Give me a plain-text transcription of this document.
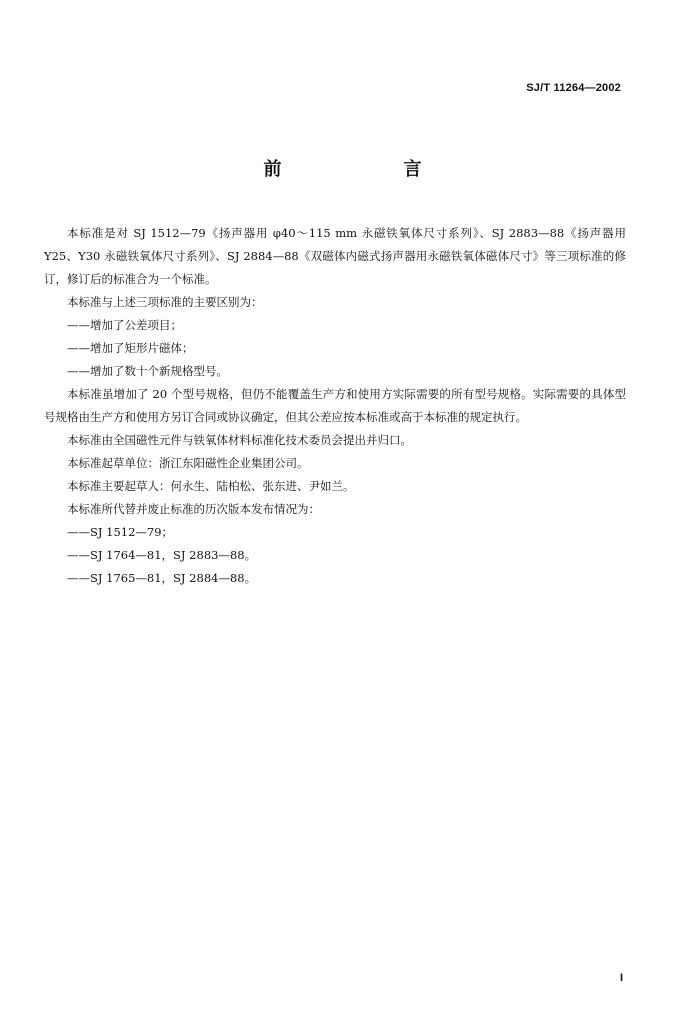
SJ/T 11264—2002
前　言

本标准是对 SJ 1512—79《扬声器用 φ40～115 mm 永磁铁氧体尺寸系列》、SJ 2883—88《扬声器用 Y25、Y30 永磁铁氧体尺寸系列》、SJ 2884—88《双磁体内磁式扬声器用永磁铁氧体磁体尺寸》等三项标准的修订，修订后的标准合为一个标准。

本标准与上述三项标准的主要区别为：

——增加了公差项目；

——增加了矩形片磁体；

——增加了数十个新规格型号。

本标准虽增加了 20 个型号规格，但仍不能覆盖生产方和使用方实际需要的所有型号规格。实际需要的具体型号规格由生产方和使用方另订合同或协议确定，但其公差应按本标准或高于本标准的规定执行。

本标准由全国磁性元件与铁氧体材料标准化技术委员会提出并归口。

本标准起草单位：浙江东阳磁性企业集团公司。

本标准主要起草人：何永生、陆柏松、张东进、尹如兰。

本标准所代替并废止标准的历次版本发布情况为：

——SJ 1512—79；

——SJ 1764—81，SJ 2883—88。

——SJ 1765—81，SJ 2884—88。

I
